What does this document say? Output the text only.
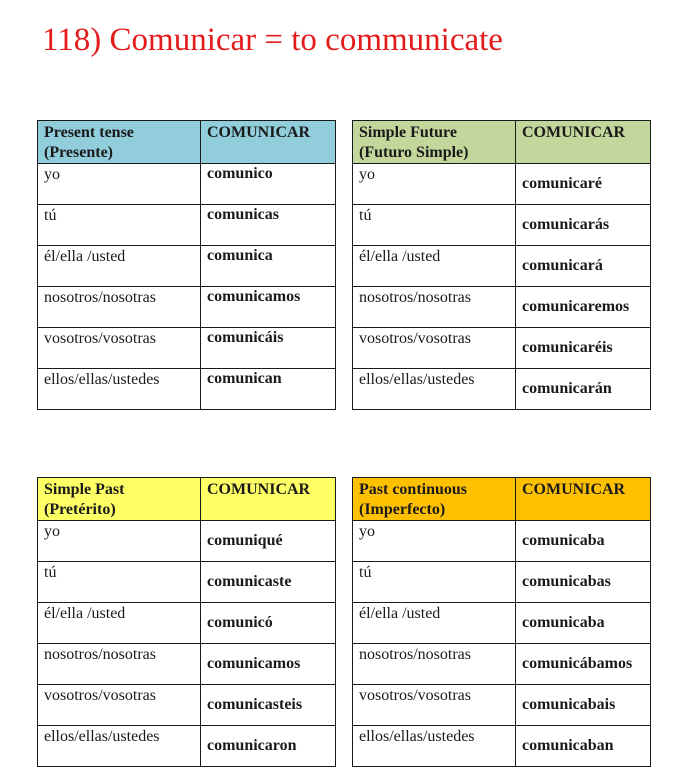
118) Comunicar = to communicate
Present tense
(Presente)	COMUNICAR
yo	comunico
tú	comunicas
él/ella /usted	comunica
nosotros/nosotras	comunicamos
vosotros/vosotras	comunicáis
ellos/ellas/ustedes	comunican
Simple Future
(Futuro Simple)	COMUNICAR
yo	comunicaré
tú	comunicarás
él/ella /usted	comunicará
nosotros/nosotras	comunicaremos
vosotros/vosotras	comunicaréis
ellos/ellas/ustedes	comunicarán
Simple Past
(Pretérito)	COMUNICAR
yo	comuniqué
tú	comunicaste
él/ella /usted	comunicó
nosotros/nosotras	comunicamos
vosotros/vosotras	comunicasteis
ellos/ellas/ustedes	comunicaron
Past continuous
(Imperfecto)	COMUNICAR
yo	comunicaba
tú	comunicabas
él/ella /usted	comunicaba
nosotros/nosotras	comunicábamos
vosotros/vosotras	comunicabais
ellos/ellas/ustedes	comunicaban
